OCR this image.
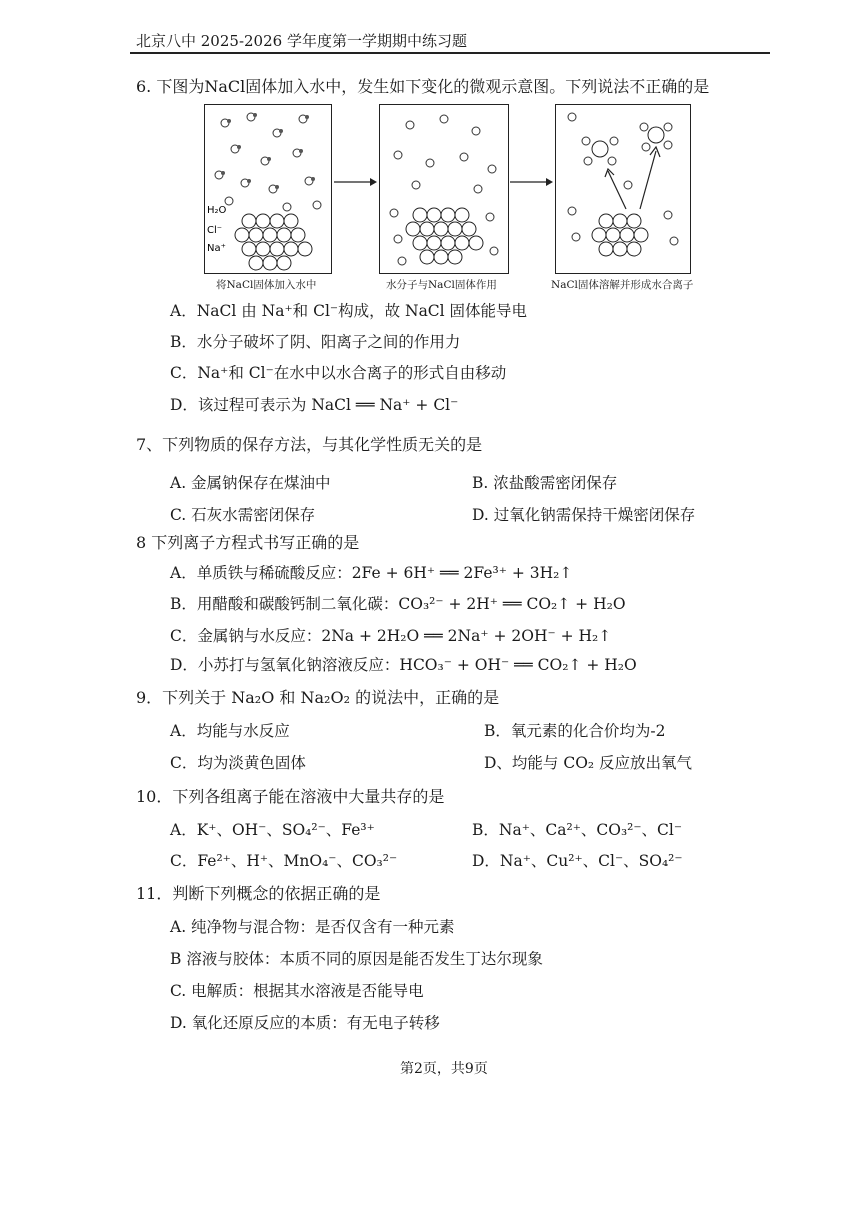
北京八中 2025-2026 学年度第一学期期中练习题
6. 下图为NaCl固体加入水中，发生如下变化的微观示意图。下列说法不正确的是
H₂O
Cl⁻
Na⁺
将NaCl固体加入水中	水分子与NaCl固体作用	NaCl固体溶解并形成水合离子
A．NaCl 由 Na⁺和 Cl⁻构成，故 NaCl 固体能导电
B．水分子破坏了阴、阳离子之间的作用力
C．Na⁺和 Cl⁻在水中以水合离子的形式自由移动
D．该过程可表示为 NaCl ══ Na⁺ + Cl⁻
7、下列物质的保存方法，与其化学性质无关的是
A. 金属钠保存在煤油中	B. 浓盐酸需密闭保存
C. 石灰水需密闭保存	D. 过氧化钠需保持干燥密闭保存
8 下列离子方程式书写正确的是
A．单质铁与稀硫酸反应：2Fe + 6H⁺ ══ 2Fe³⁺ + 3H₂↑
B．用醋酸和碳酸钙制二氧化碳：CO₃²⁻ + 2H⁺ ══ CO₂↑ + H₂O
C．金属钠与水反应：2Na + 2H₂O ══ 2Na⁺ + 2OH⁻ + H₂↑
D．小苏打与氢氧化钠溶液反应：HCO₃⁻ + OH⁻ ══ CO₂↑ + H₂O
9．下列关于 Na₂O 和 Na₂O₂ 的说法中，正确的是
A．均能与水反应	B．氧元素的化合价均为-2
C．均为淡黄色固体	D、均能与 CO₂ 反应放出氧气
10．下列各组离子能在溶液中大量共存的是
A．K⁺、OH⁻、SO₄²⁻、Fe³⁺	B．Na⁺、Ca²⁺、CO₃²⁻、Cl⁻
C．Fe²⁺、H⁺、MnO₄⁻、CO₃²⁻	D．Na⁺、Cu²⁺、Cl⁻、SO₄²⁻
11．判断下列概念的依据正确的是
A. 纯净物与混合物：是否仅含有一种元素
B 溶液与胶体：本质不同的原因是能否发生丁达尔现象
C. 电解质：根据其水溶液是否能导电
D. 氧化还原反应的本质：有无电子转移
第2页，共9页
